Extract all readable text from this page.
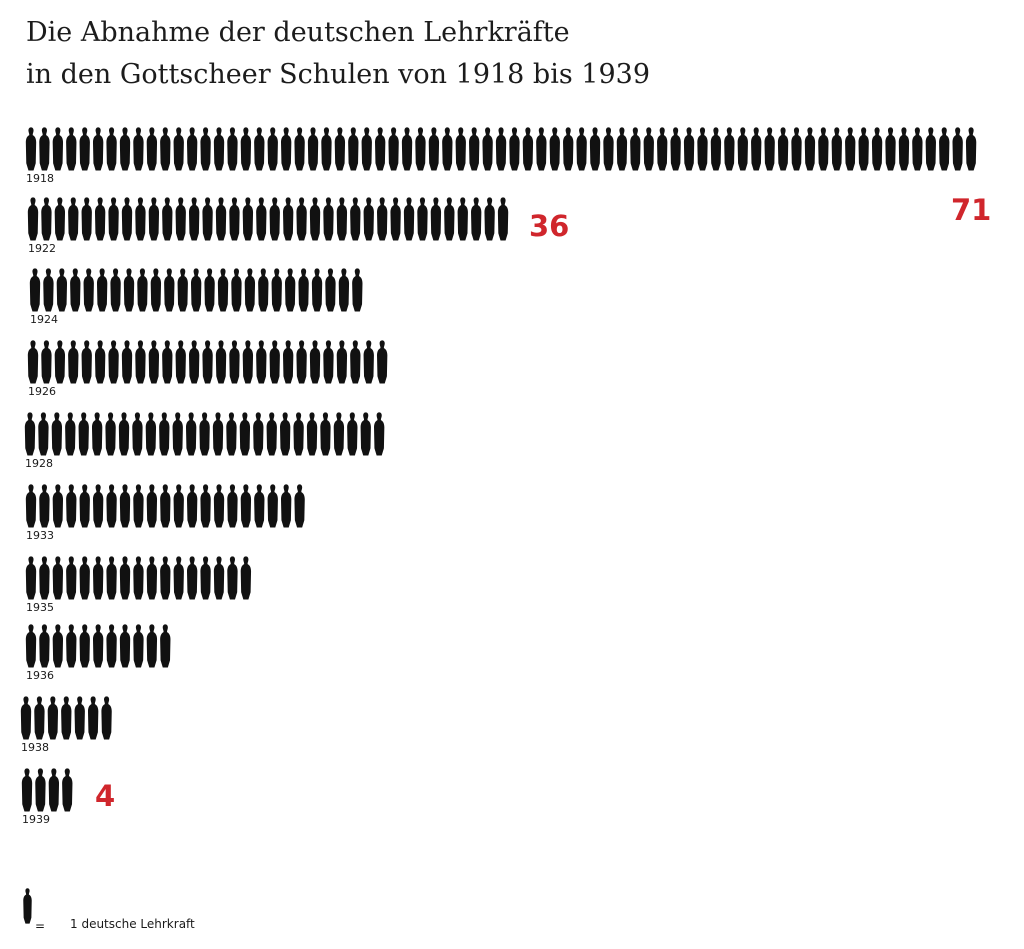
Die Abnahme der deutschen Lehrkräfte
in den Gottscheer Schulen von 1918 bis 1939
1918
1922
1924
1926
1928
1933
1935
1936
1938
1939
71
36
4
= 1 deutsche Lehrkraft
